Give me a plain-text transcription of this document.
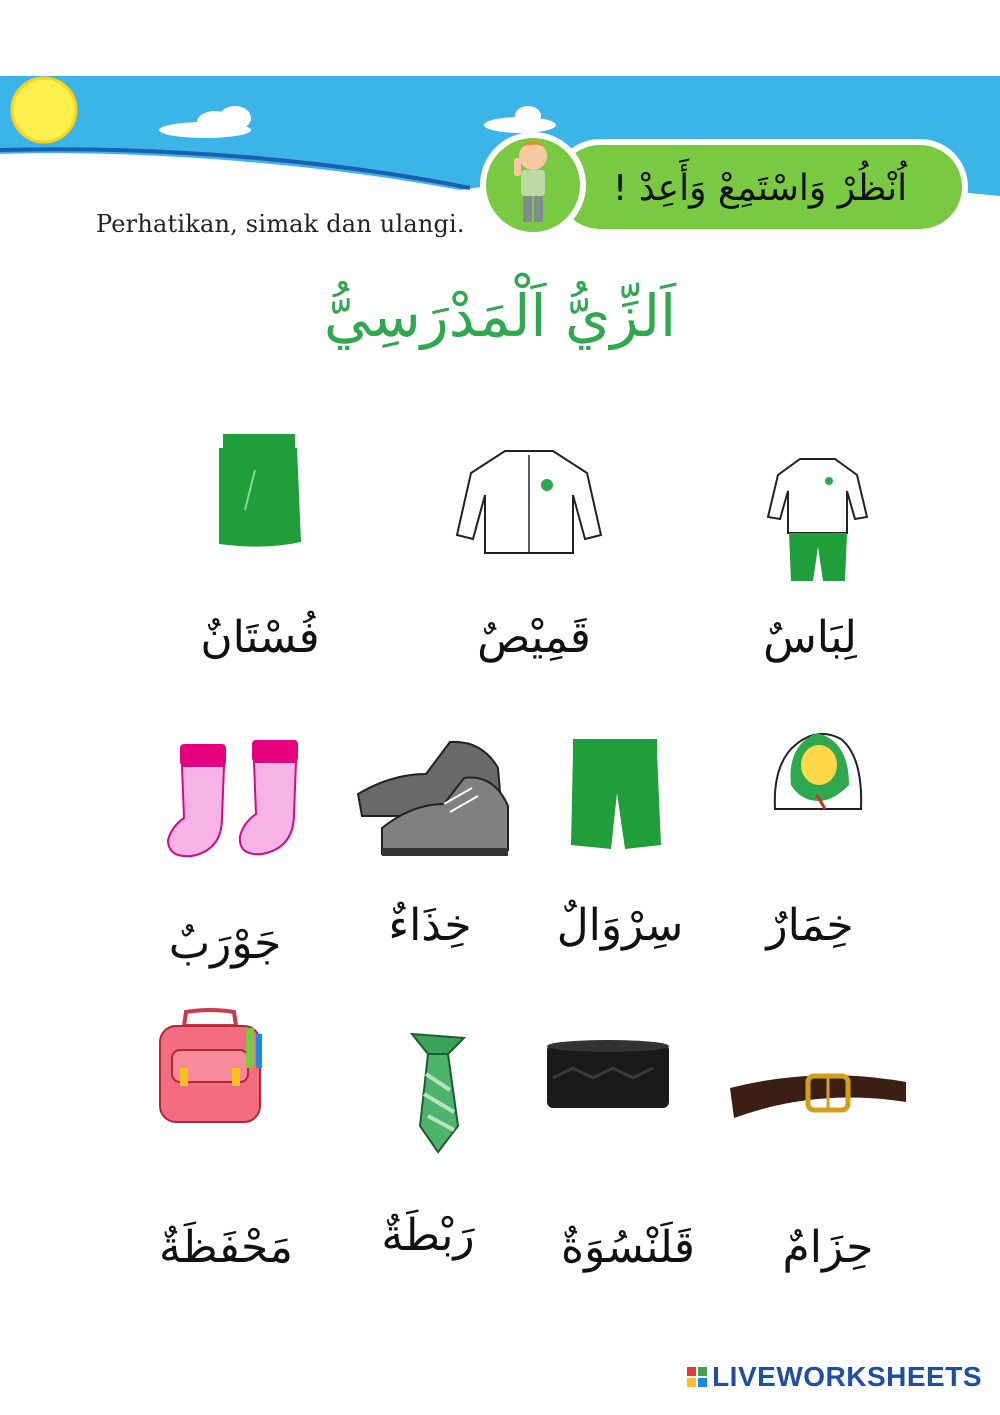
Perhatikan, simak dan ulangi.
اُنْظُرْ وَاسْتَمِعْ وَأَعِدْ !
اَلزِّيُّ اَلْمَدْرَسِيُّ
فُسْتَانٌ	قَمِيْصٌ	لِبَاسٌ
جَوْرَبٌ	خِذَاءٌ	سِرْوَالٌ	خِمَارٌ
مَحْفَظَةٌ	رَبْطَةٌ	قَلَنْسُوَةٌ	حِزَامٌ
LIVEWORKSHEETS
